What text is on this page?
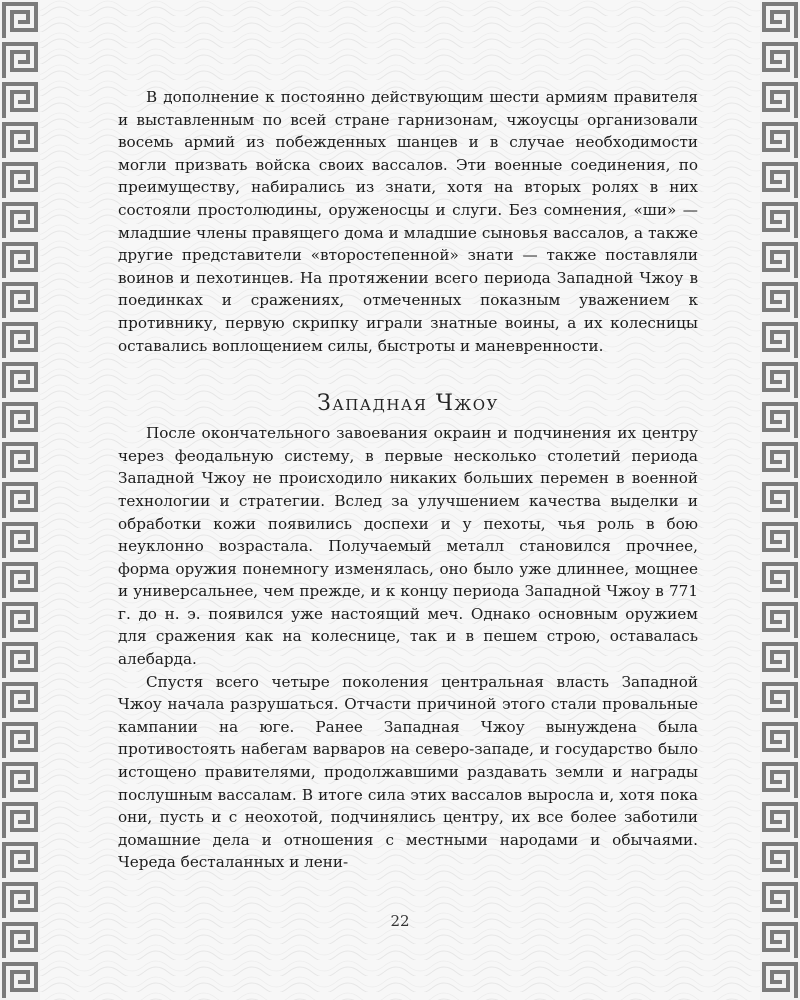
В дополнение к постоянно действующим шести армиям правителя и выставленным по всей стране гарнизонам, чжоусцы организовали восемь армий из побежденных шанцев и в случае необходимости могли призвать войска своих вассалов. Эти военные соединения, по преимуществу, набирались из знати, хотя на вторых ролях в них состояли простолюдины, оруженосцы и слуги. Без сомнения, «ши» — младшие члены правящего дома и младшие сыновья вассалов, а также другие представители «второстепенной» знати — также поставляли воинов и пехотинцев. На протяжении всего периода Западной Чжоу в поединках и сражениях, отмеченных показным уважением к противнику, первую скрипку играли знатные воины, а их колесницы оставались воплощением силы, быстроты и маневренности.

Западная Чжоу

После окончательного завоевания окраин и подчинения их центру через феодальную систему, в первые несколько столетий периода Западной Чжоу не происходило никаких больших перемен в военной технологии и стратегии. Вслед за улучшением качества выделки и обработки кожи появились доспехи и у пехоты, чья роль в бою неуклонно возрастала. Получаемый металл становился прочнее, форма оружия понемногу изменялась, оно было уже длиннее, мощнее и универсальнее, чем прежде, и к концу периода Западной Чжоу в 771 г. до н. э. появился уже настоящий меч. Однако основным оружием для сражения как на колеснице, так и в пешем строю, оставалась алебарда.

Спустя всего четыре поколения центральная власть Западной Чжоу начала разрушаться. Отчасти причиной этого стали провальные кампании на юге. Ранее Западная Чжоу вынуждена была противостоять набегам варваров на северо-западе, и государство было истощено правителями, продолжавшими раздавать земли и награды послушным вассалам. В итоге сила этих вассалов выросла и, хотя пока они, пусть и с неохотой, подчинялись центру, их все более заботили домашние дела и отношения с местными народами и обычаями. Череда бесталанных и лени-

22
